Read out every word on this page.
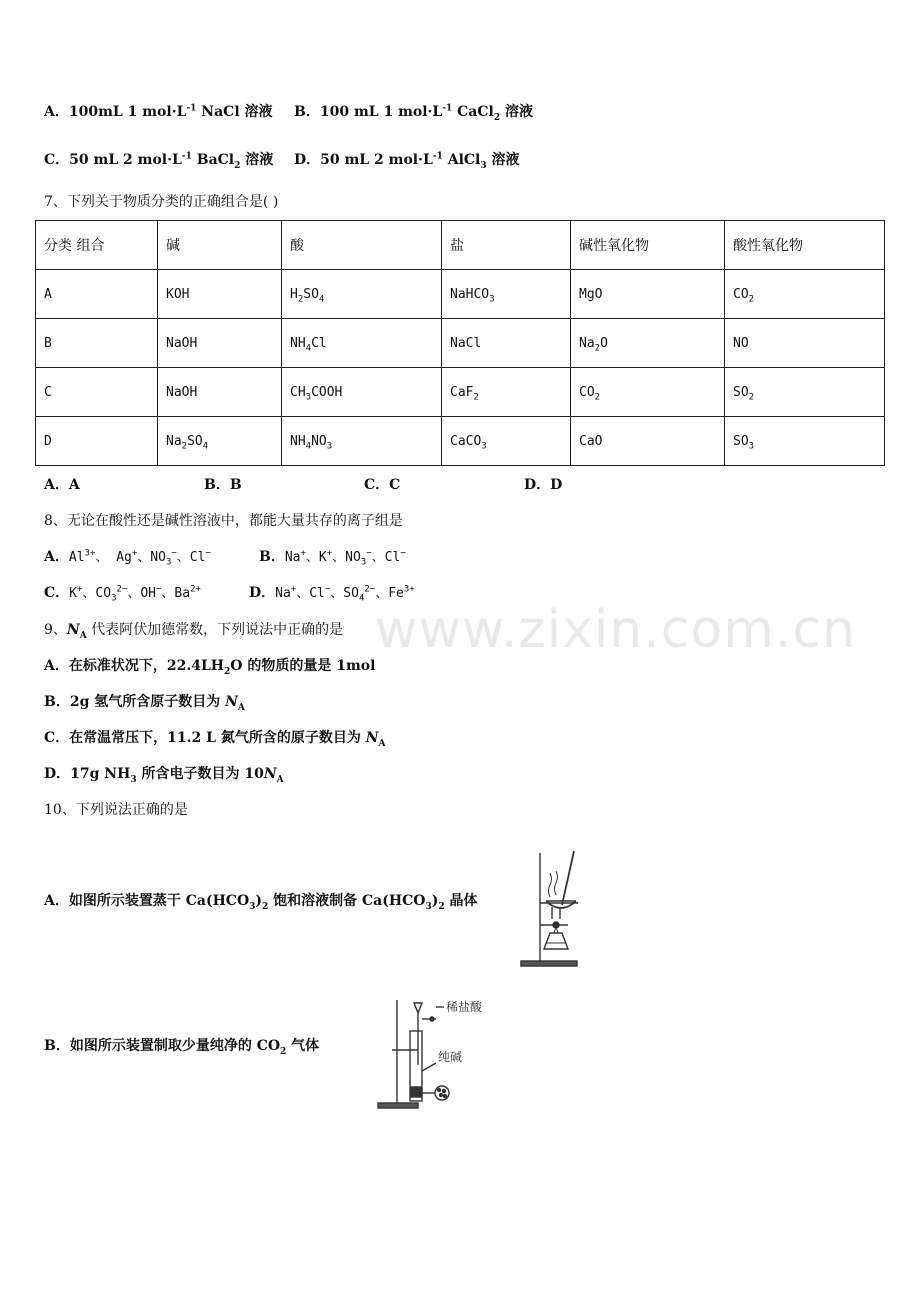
A．100mL 1 $mol\cdot L^{-1}$ NaCl 溶液 B．100 mL 1 $mol\cdot L^{-1}$ CaCl$_2$ 溶液
C．50 mL 2 $mol\cdot L^{-1}$ BaCl$_2$ 溶液 D．50 mL 2 $mol\cdot L^{-1}$ AlCl$_3$ 溶液
7、下列关于物质分类的正确组合是( )
分类 组合	碱	酸	盐	碱性氧化物	酸性氧化物
A	KOH	$H_2SO_4$	NaHCO$_3$	MgO	$CO_2$
B	NaOH	$NH_4Cl$	NaCl	$Na_2O$	NO
C	NaOH	$CH_3COOH$	CaF$_2$	$CO_2$	$SO_2$
D	$Na_2SO_4$	$NH_4NO_3$	CaCO$_3$	CaO	$SO_3$
A．A	B．B	C．C	D．D
8、无论在酸性还是碱性溶液中，都能大量共存的离子组是
A．$Al^{3+}$、 Ag+、$NO_3^-$、Cl−	B．Na+、K+、$NO_3^-$、Cl−
C．K+、$CO_3^{2-}$、OH−、$Ba^{2+}$	D．Na+、Cl−、$SO_4^{2-}$、$Fe^{3+}$
www.zixin.com.cn
9、$N_A$ 代表阿伏加德常数，下列说法中正确的是
A．在标准状况下，$22.4LH_2O$ 的物质的量是 1mol
B．2g 氢气所含原子数目为 $N_A$
C．在常温常压下，11.2 L 氮气所含的原子数目为 $N_A$
D．17g $NH_3$ 所含电子数目为 $10N_A$
10、下列说法正确的是
A．如图所示装置蒸干 $Ca(HCO_3)_2$ 饱和溶液制备 $Ca(HCO_3)_2$ 晶体
B．如图所示装置制取少量纯净的 $CO_2$ 气体
稀盐酸
纯碱
